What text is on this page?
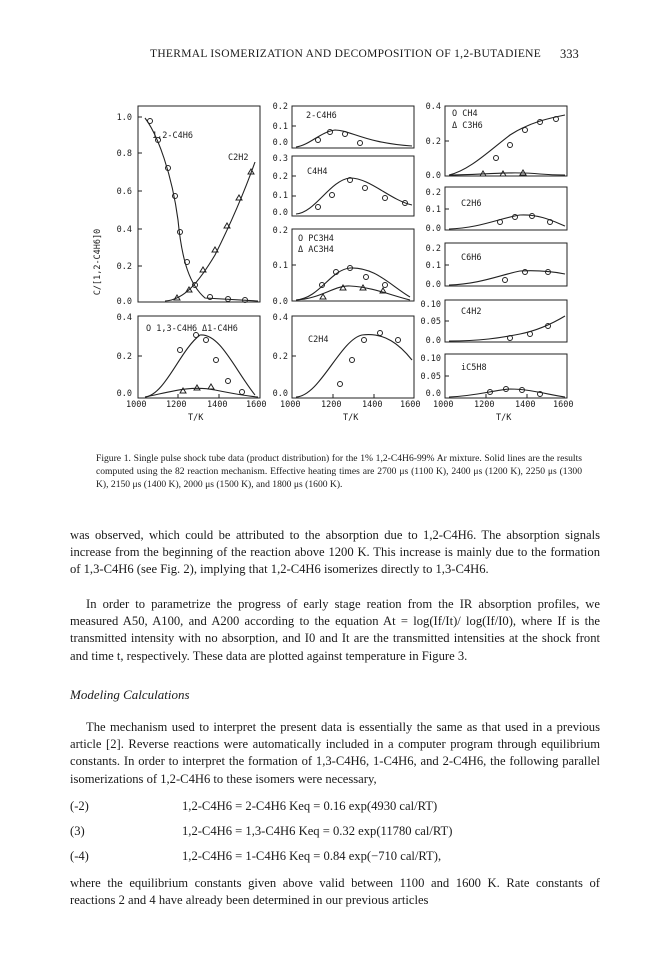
THERMAL ISOMERIZATION AND DECOMPOSITION OF 1,2-BUTADIENE 333
1,2-C4H6
C2H2
O 1,3-C4H6 Δ1-C4H6
2-C4H6
C4H4
O PC3H4
Δ AC3H4
C2H4
O CH4
Δ C3H6
C2H6
C6H6
C4H2
iC5H8
1.0
0.8
0.6
0.4
0.2
0.0
0.4
0.2
0.0
0.2
0.1
0.0
0.3
0.2
0.1
0.0
0.2
0.1
0.0
0.4
0.2
0.0
0.4
0.2
0.0
0.2
0.1
0.0
0.2
0.1
0.0
0.10
0.05
0.0
0.10
0.05
0.0
C/[1,2-C4H6]0
1000 1200 1400 1600 1000 1200 1400 1600 1000 1200 1400 1600
T/K	T/K	T/K
Figure 1. Single pulse shock tube data (product distribution) for the 1% 1,2-C4H6-99% Ar mixture. Solid lines are the results computed using the 82 reaction mechanism. Effective heating times are 2700 μs (1100 K), 2400 μs (1200 K), 2250 μs (1300 K), 2150 μs (1400 K), 2000 μs (1500 K), and 1800 μs (1600 K).

was observed, which could be attributed to the absorption due to 1,2-C4H6. The absorption signals increase from the beginning of the reaction above 1200 K. This increase is mainly due to the formation of 1,3-C4H6 (see Fig. 2), implying that 1,2-C4H6 isomerizes directly to 1,3-C4H6.

In order to parametrize the progress of early stage reation from the IR absorption profiles, we measured A50, A100, and A200 according to the equation At = log(If/It)/ log(If/I0), where If is the transmitted intensity with no absorption, and I0 and It are the transmitted intensities at the shock front and time t, respectively. These data are plotted against temperature in Figure 3.

Modeling Calculations

The mechanism used to interpret the present data is essentially the same as that used in a previous article [2]. Reverse reactions were automatically included in a computer program through equilibrium constants. In order to interpret the formation of 1,3-C4H6, 1-C4H6, and 2-C4H6, the following parallel isomerizations of 1,2-C4H6 to these isomers were necessary,

(-2)	1,2-C4H6 = 2-C4H6 Keq = 0.16 exp(4930 cal/RT)
(3)	1,2-C4H6 = 1,3-C4H6 Keq = 0.32 exp(11780 cal/RT)
(-4)	1,2-C4H6 = 1-C4H6 Keq = 0.84 exp(−710 cal/RT),

where the equilibrium constants given above valid between 1100 and 1600 K. Rate constants of reactions 2 and 4 have already been determined in our previous articles
